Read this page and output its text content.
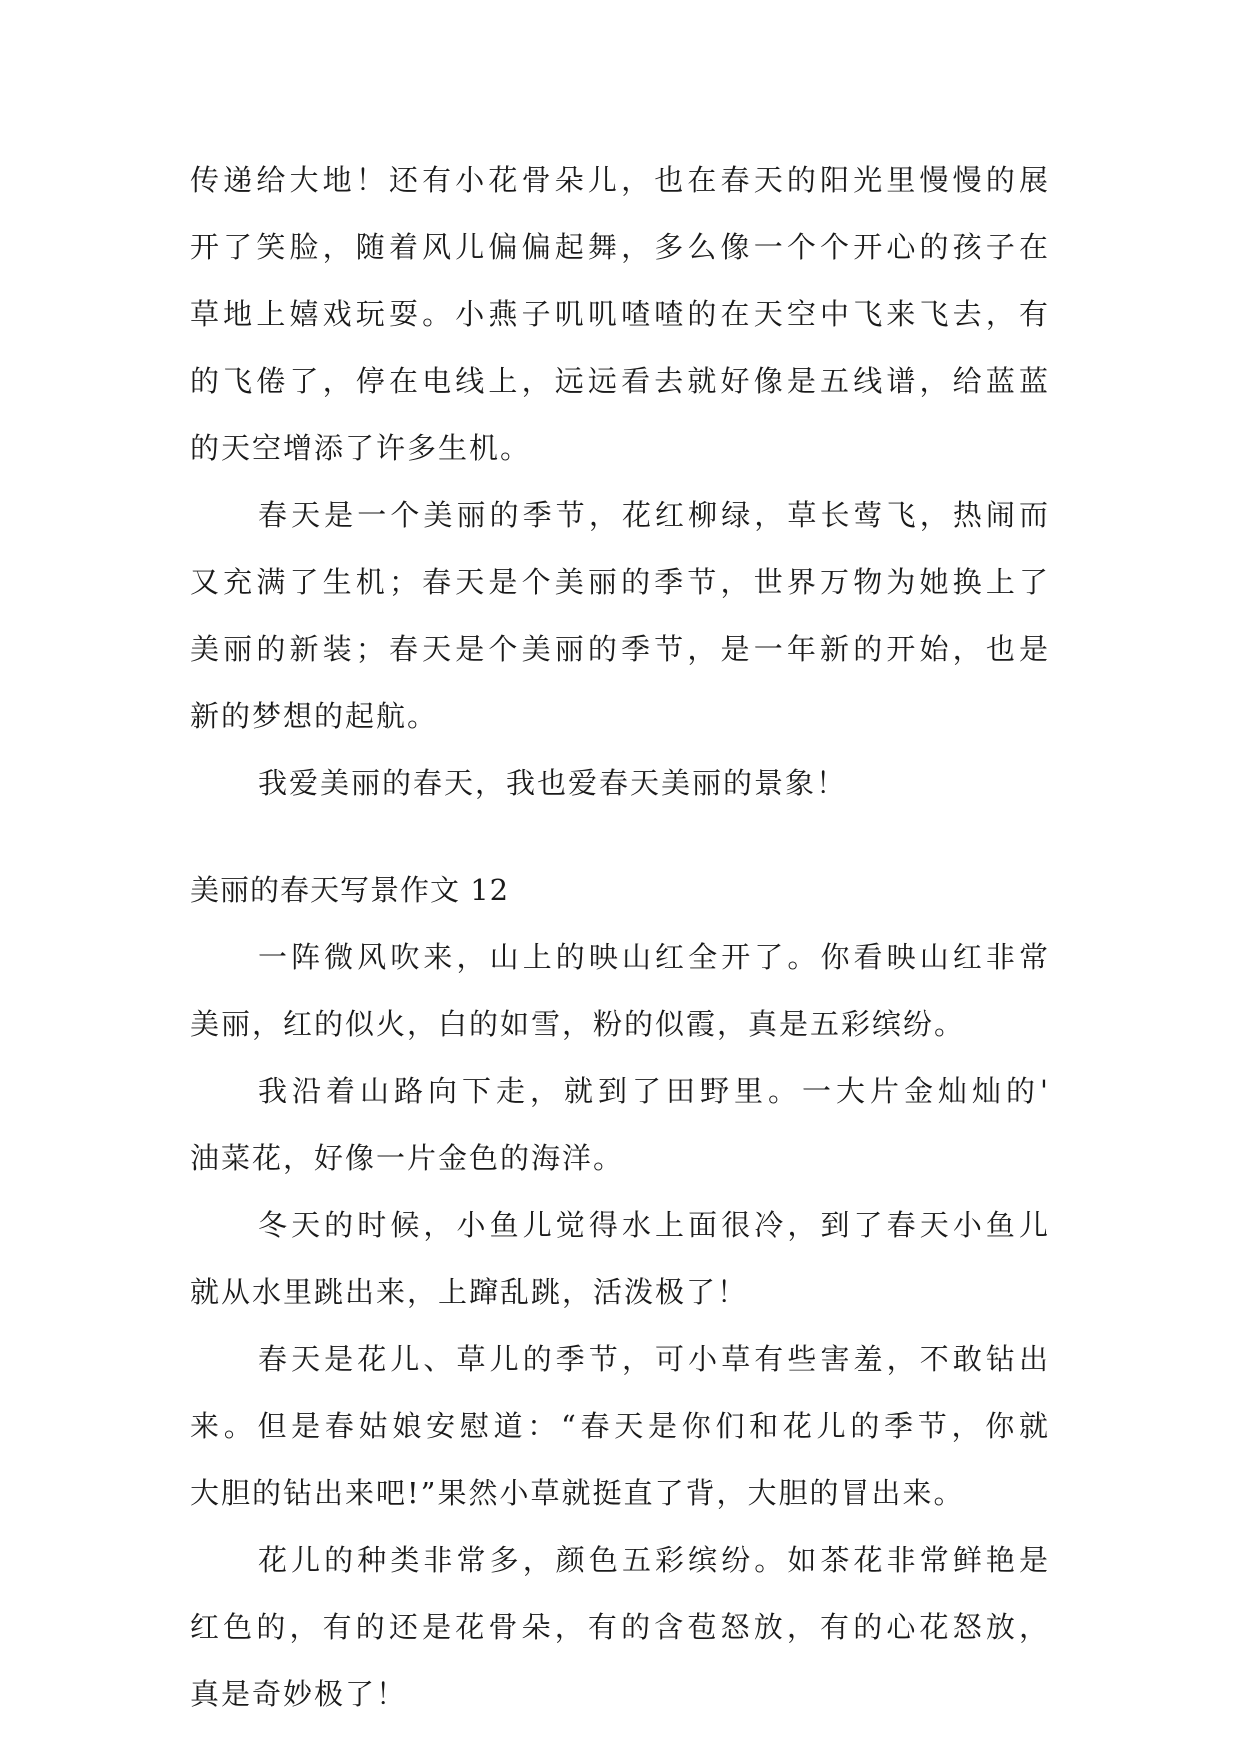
传递给大地！还有小花骨朵儿，也在春天的阳光里慢慢的展
开了笑脸，随着风儿偏偏起舞，多么像一个个开心的孩子在
草地上嬉戏玩耍。小燕子叽叽喳喳的在天空中飞来飞去，有
的飞倦了，停在电线上，远远看去就好像是五线谱，给蓝蓝
的天空增添了许多生机。
春天是一个美丽的季节，花红柳绿，草长莺飞，热闹而
又充满了生机；春天是个美丽的季节，世界万物为她换上了
美丽的新装；春天是个美丽的季节，是一年新的开始，也是
新的梦想的起航。
我爱美丽的春天，我也爱春天美丽的景象！
美丽的春天写景作文 12
一阵微风吹来，山上的映山红全开了。你看映山红非常
美丽，红的似火，白的如雪，粉的似霞，真是五彩缤纷。
我沿着山路向下走，就到了田野里。一大片金灿灿的'
油菜花，好像一片金色的海洋。
冬天的时候，小鱼儿觉得水上面很冷，到了春天小鱼儿
就从水里跳出来，上蹿乱跳，活泼极了！
春天是花儿、草儿的季节，可小草有些害羞，不敢钻出
来。但是春姑娘安慰道：“春天是你们和花儿的季节，你就
大胆的钻出来吧!”果然小草就挺直了背，大胆的冒出来。
花儿的种类非常多，颜色五彩缤纷。如茶花非常鲜艳是
红色的，有的还是花骨朵，有的含苞怒放，有的心花怒放，
真是奇妙极了！
